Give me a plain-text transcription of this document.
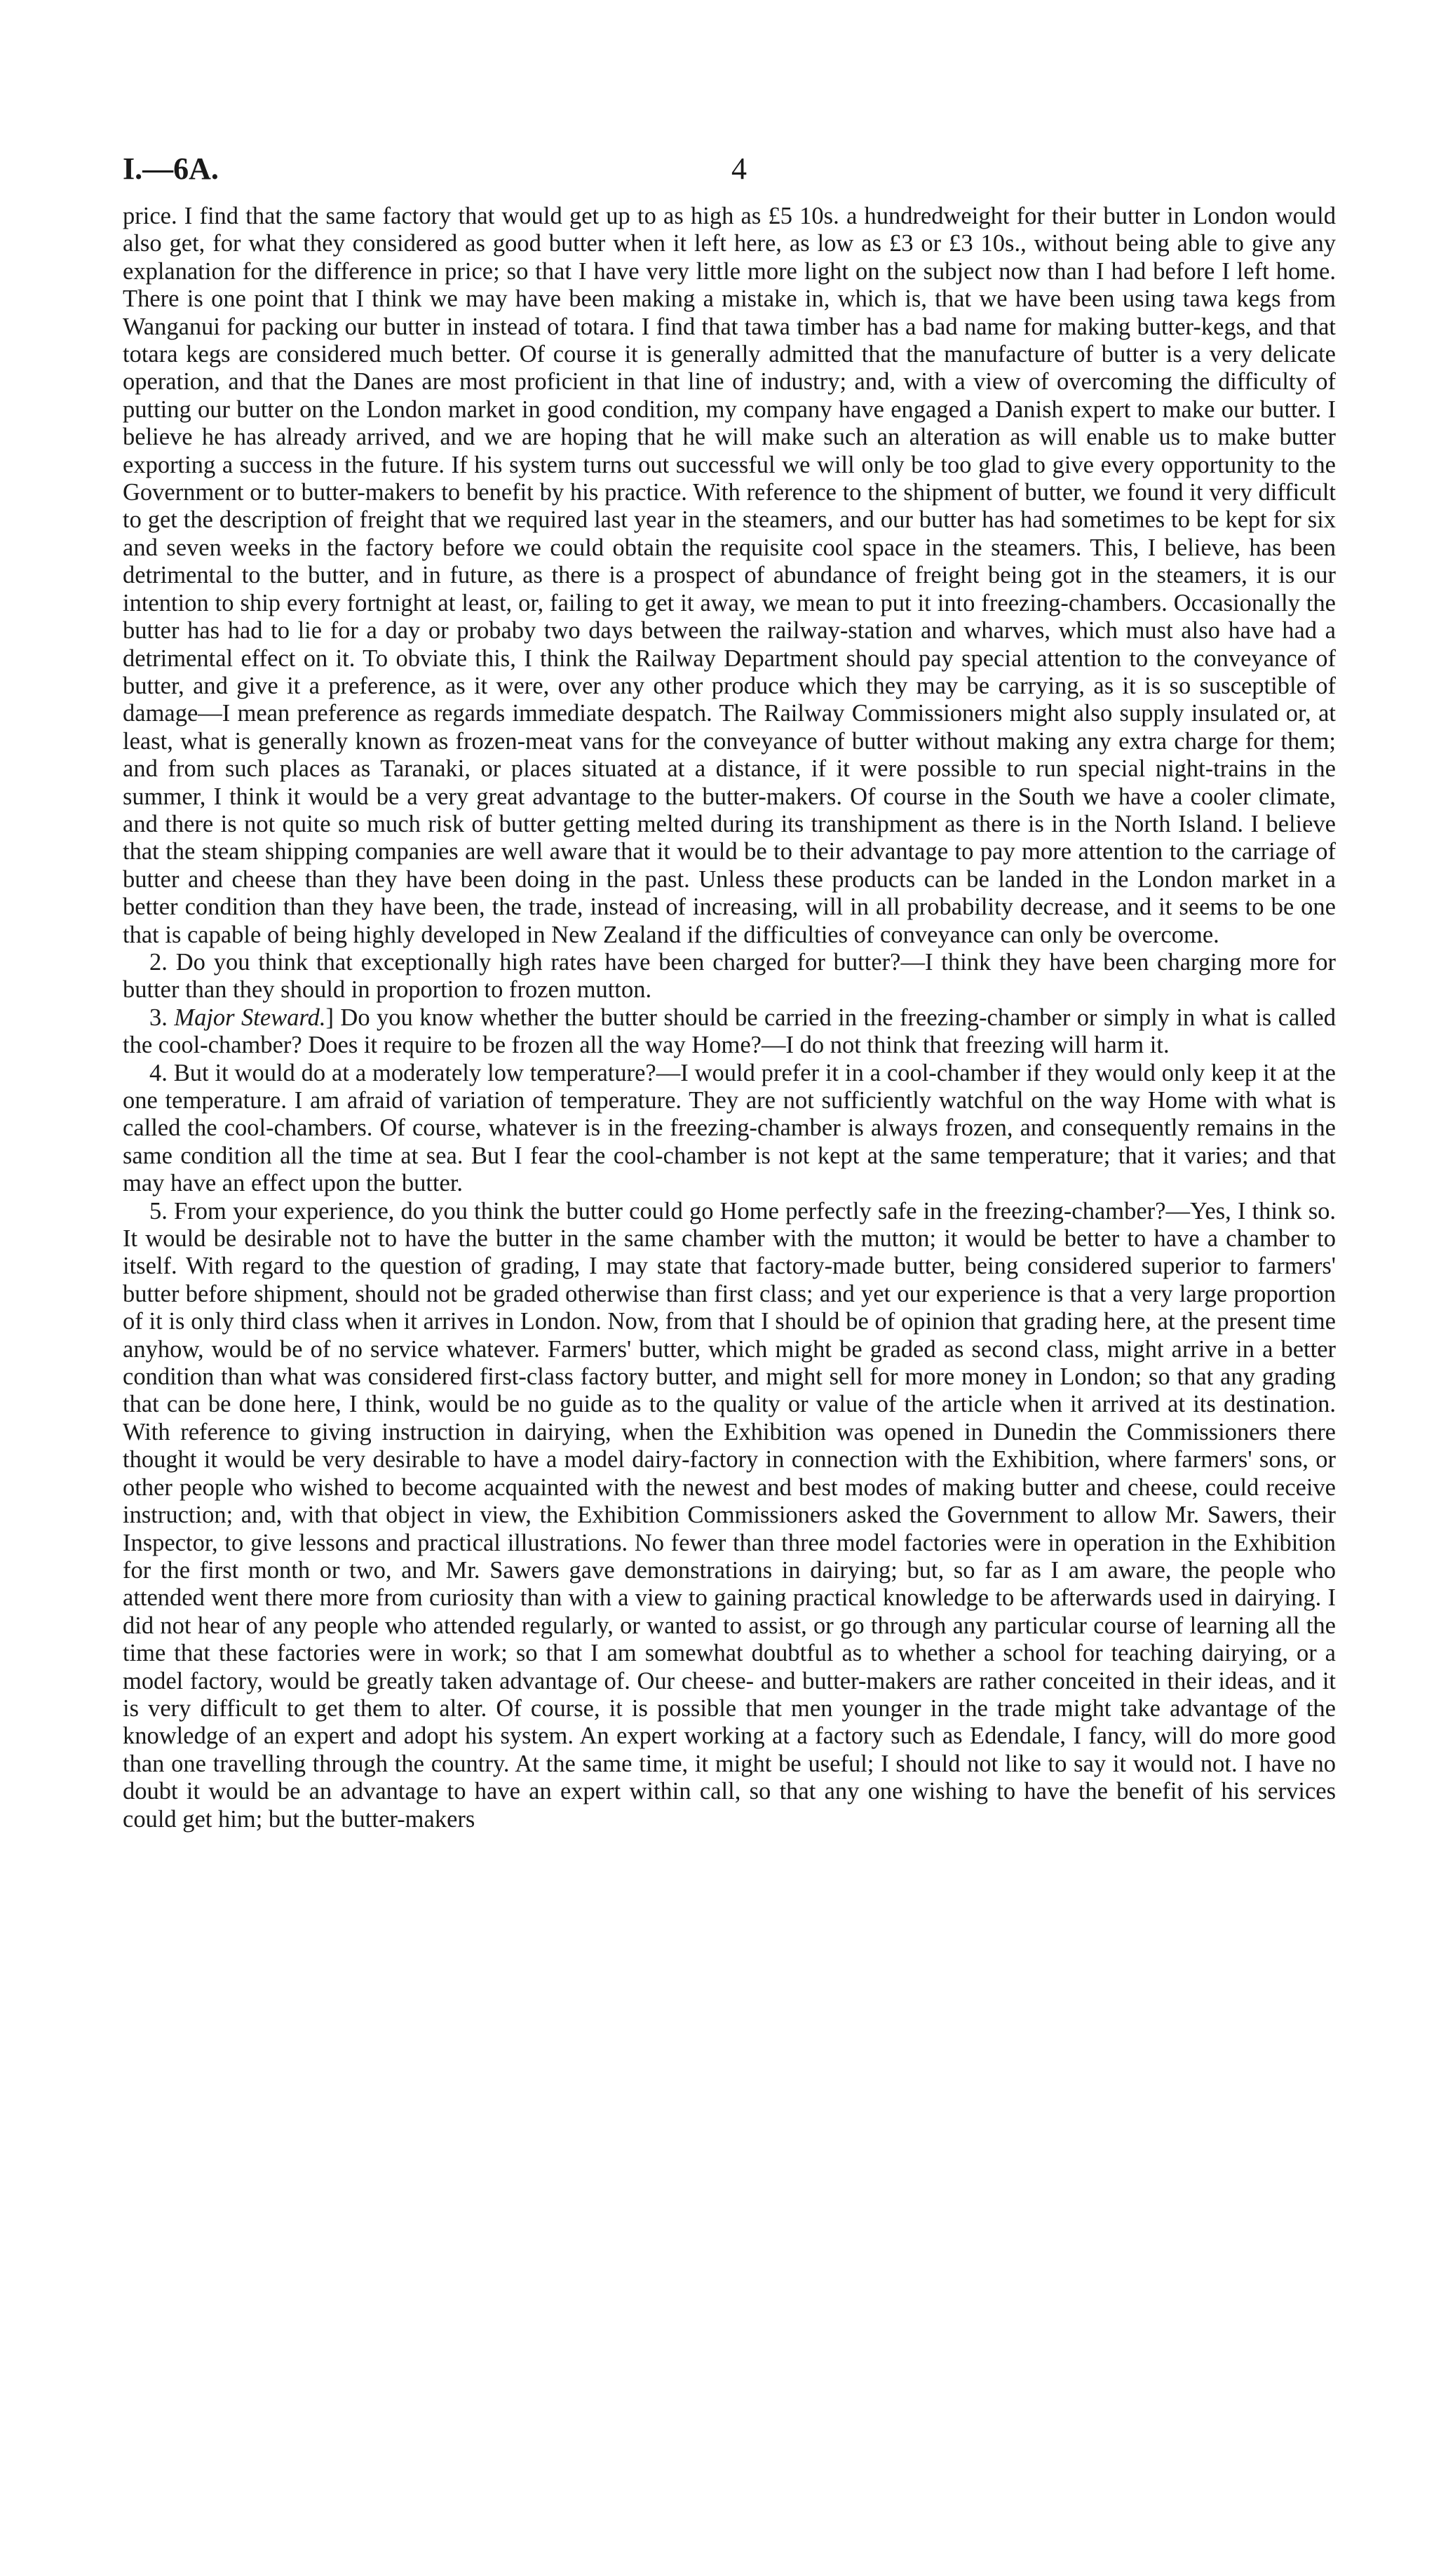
I.—6A.	4

price. I find that the same factory that would get up to as high as £5 10s. a hundredweight for their butter in London would also get, for what they considered as good butter when it left here, as low as £3 or £3 10s., without being able to give any explanation for the difference in price; so that I have very little more light on the subject now than I had before I left home. There is one point that I think we may have been making a mistake in, which is, that we have been using tawa kegs from Wanganui for packing our butter in instead of totara. I find that tawa timber has a bad name for making butter-kegs, and that totara kegs are considered much better. Of course it is generally admitted that the manufacture of butter is a very delicate operation, and that the Danes are most proficient in that line of industry; and, with a view of overcoming the difficulty of putting our butter on the London market in good condition, my company have engaged a Danish expert to make our butter. I believe he has already arrived, and we are hoping that he will make such an alteration as will enable us to make butter exporting a success in the future. If his system turns out successful we will only be too glad to give every opportunity to the Government or to butter-makers to benefit by his practice. With reference to the shipment of butter, we found it very difficult to get the description of freight that we required last year in the steamers, and our butter has had sometimes to be kept for six and seven weeks in the factory before we could obtain the requisite cool space in the steamers. This, I believe, has been detrimental to the butter, and in future, as there is a prospect of abundance of freight being got in the steamers, it is our intention to ship every fortnight at least, or, failing to get it away, we mean to put it into freezing-chambers. Occasionally the butter has had to lie for a day or probaby two days between the railway-station and wharves, which must also have had a detrimental effect on it. To obviate this, I think the Railway Department should pay special attention to the conveyance of butter, and give it a preference, as it were, over any other produce which they may be carrying, as it is so susceptible of damage—I mean preference as regards immediate despatch. The Railway Commissioners might also supply insulated or, at least, what is generally known as frozen-meat vans for the conveyance of butter without making any extra charge for them; and from such places as Taranaki, or places situated at a distance, if it were possible to run special night-trains in the summer, I think it would be a very great advantage to the butter-makers. Of course in the South we have a cooler climate, and there is not quite so much risk of butter getting melted during its transhipment as there is in the North Island. I believe that the steam shipping companies are well aware that it would be to their advantage to pay more attention to the carriage of butter and cheese than they have been doing in the past. Unless these products can be landed in the London market in a better condition than they have been, the trade, instead of increasing, will in all probability decrease, and it seems to be one that is capable of being highly developed in New Zealand if the difficulties of conveyance can only be overcome.

2. Do you think that exceptionally high rates have been charged for butter?—I think they have been charging more for butter than they should in proportion to frozen mutton.

3. Major Steward.] Do you know whether the butter should be carried in the freezing-chamber or simply in what is called the cool-chamber? Does it require to be frozen all the way Home?—I do not think that freezing will harm it.

4. But it would do at a moderately low temperature?—I would prefer it in a cool-chamber if they would only keep it at the one temperature. I am afraid of variation of temperature. They are not sufficiently watchful on the way Home with what is called the cool-chambers. Of course, whatever is in the freezing-chamber is always frozen, and consequently remains in the same condition all the time at sea. But I fear the cool-chamber is not kept at the same temperature; that it varies; and that may have an effect upon the butter.

5. From your experience, do you think the butter could go Home perfectly safe in the freezing-chamber?—Yes, I think so. It would be desirable not to have the butter in the same chamber with the mutton; it would be better to have a chamber to itself. With regard to the question of grading, I may state that factory-made butter, being considered superior to farmers' butter before shipment, should not be graded otherwise than first class; and yet our experience is that a very large proportion of it is only third class when it arrives in London. Now, from that I should be of opinion that grading here, at the present time anyhow, would be of no service whatever. Farmers' butter, which might be graded as second class, might arrive in a better condition than what was considered first-class factory butter, and might sell for more money in London; so that any grading that can be done here, I think, would be no guide as to the quality or value of the article when it arrived at its destination. With reference to giving instruction in dairying, when the Exhibition was opened in Dunedin the Commissioners there thought it would be very desirable to have a model dairy-factory in connection with the Exhibition, where farmers' sons, or other people who wished to become acquainted with the newest and best modes of making butter and cheese, could receive instruction; and, with that object in view, the Exhibition Commissioners asked the Government to allow Mr. Sawers, their Inspector, to give lessons and practical illustrations. No fewer than three model factories were in operation in the Exhibition for the first month or two, and Mr. Sawers gave demonstrations in dairying; but, so far as I am aware, the people who attended went there more from curiosity than with a view to gaining practical knowledge to be afterwards used in dairying. I did not hear of any people who attended regularly, or wanted to assist, or go through any particular course of learning all the time that these factories were in work; so that I am somewhat doubtful as to whether a school for teaching dairying, or a model factory, would be greatly taken advantage of. Our cheese- and butter-makers are rather conceited in their ideas, and it is very difficult to get them to alter. Of course, it is possible that men younger in the trade might take advantage of the knowledge of an expert and adopt his system. An expert working at a factory such as Edendale, I fancy, will do more good than one travelling through the country. At the same time, it might be useful; I should not like to say it would not. I have no doubt it would be an advantage to have an expert within call, so that any one wishing to have the benefit of his services could get him; but the butter-makers
